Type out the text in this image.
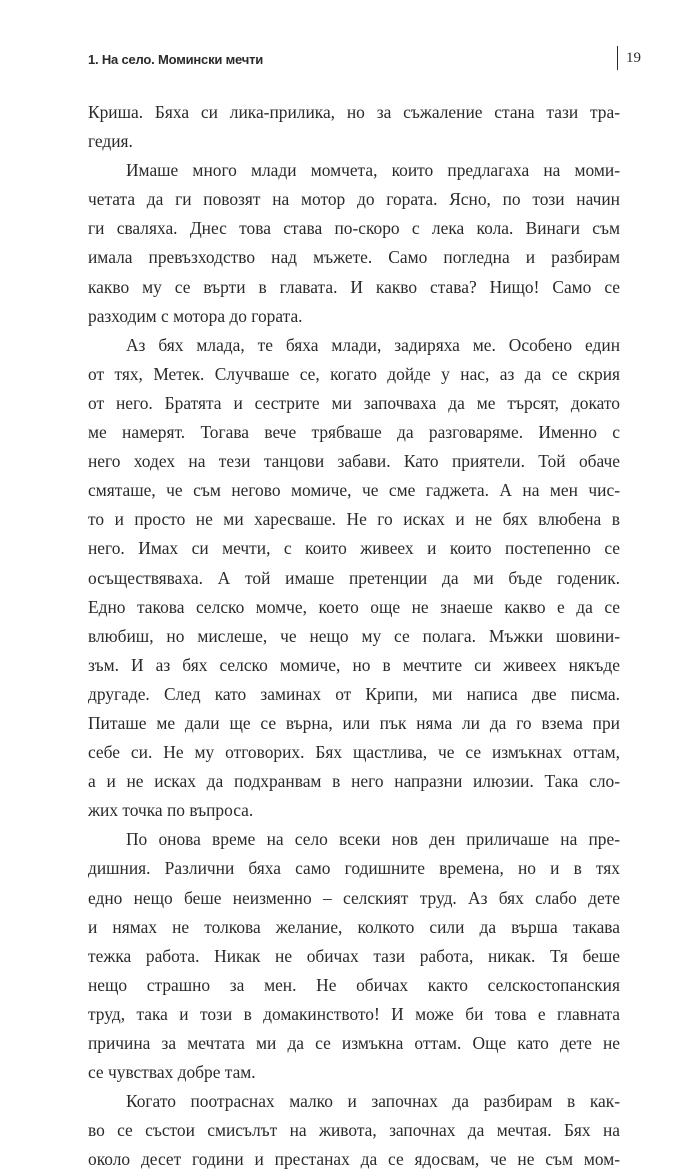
1. На село. Момински мечти	19
Криша. Бяха си лика-прилика, но за съжаление стана тази тра-
гедия.
Имаше много млади момчета, които предлагаха на моми-
четата да ги повозят на мотор до гората. Ясно, по този начин
ги сваляха. Днес това става по-скоро с лека кола. Винаги съм
имала превъзходство над мъжете. Само погледна и разбирам
какво му се върти в главата. И какво става? Нищо! Само се
разходим с мотора до гората.
Аз бях млада, те бяха млади, задиряха ме. Особено един
от тях, Метек. Случваше се, когато дойде у нас, аз да се скрия
от него. Братята и сестрите ми започваха да ме търсят, докато
ме намерят. Тогава вече трябваше да разговаряме. Именно с
него ходех на тези танцови забави. Като приятели. Той обаче
смяташе, че съм негово момиче, че сме гаджета. А на мен чис-
то и просто не ми харесваше. Не го исках и не бях влюбена в
него. Имах си мечти, с които живеех и които постепенно се
осъществяваха. А той имаше претенции да ми бъде годеник.
Едно такова селско момче, което още не знаеше какво е да се
влюбиш, но мислеше, че нещо му се полага. Мъжки шовини-
зъм. И аз бях селско момиче, но в мечтите си живеех някъде
другаде. След като заминах от Крипи, ми написа две писма.
Питаше ме дали ще се върна, или пък няма ли да го взема при
себе си. Не му отговорих. Бях щастлива, че се измъкнах оттам,
а и не исках да подхранвам в него напразни илюзии. Така сло-
жих точка по въпроса.
По онова време на село всеки нов ден приличаше на пре-
дишния. Различни бяха само годишните времена, но и в тях
едно нещо беше неизменно – селският труд. Аз бях слабо дете
и нямах не толкова желание, колкото сили да върша такава
тежка работа. Никак не обичах тази работа, никак. Тя беше
нещо страшно за мен. Не обичах както селскостопанския
труд, така и този в домакинството! И може би това е главната
причина за мечтата ми да се измъкна оттам. Още като дете не
се чувствах добре там.
Когато поотраснах малко и започнах да разбирам в как-
во се състои смисълът на живота, започнах да мечтая. Бях на
около десет години и престанах да се ядосвам, че не съм мом-
